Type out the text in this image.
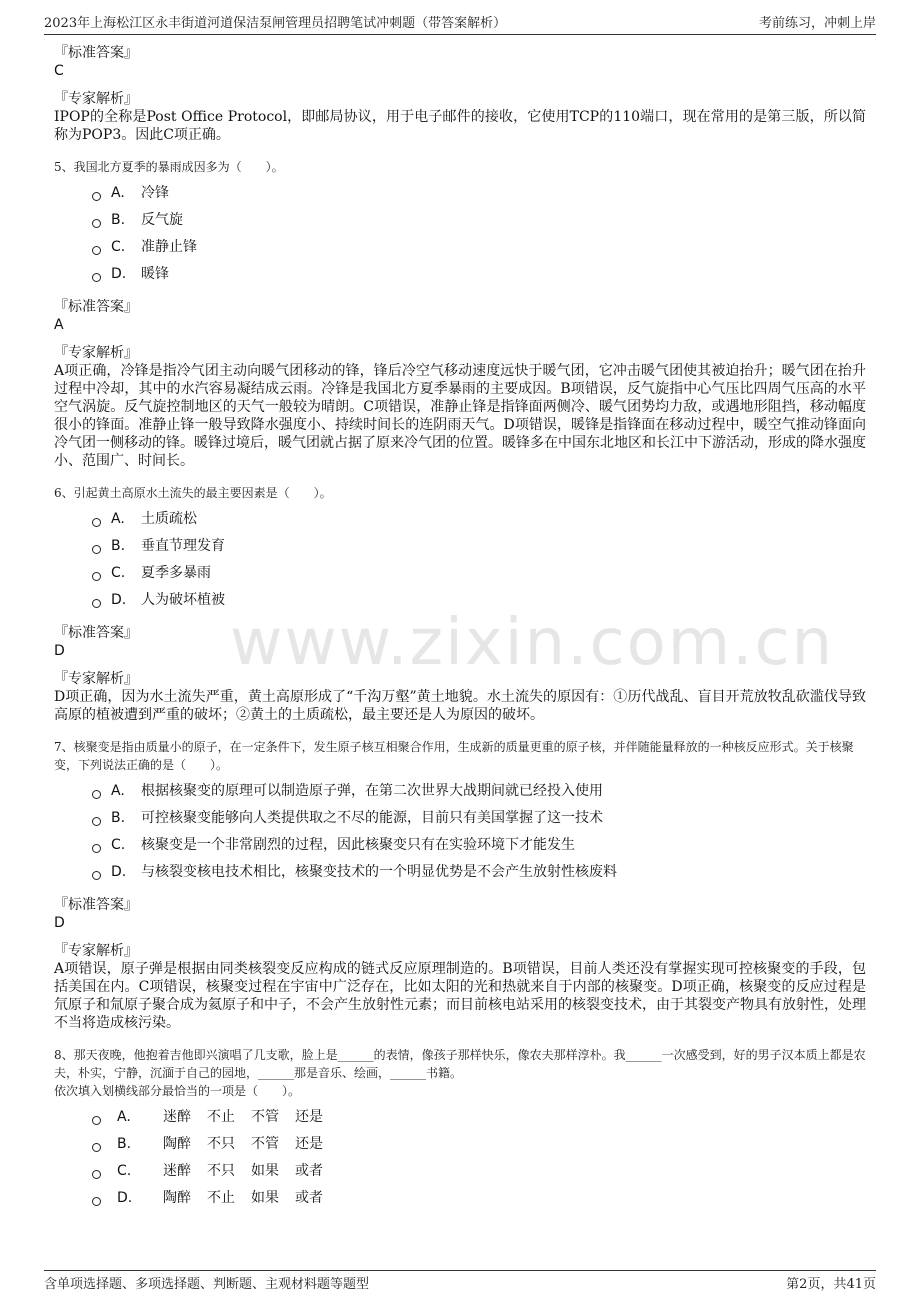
2023年上海松江区永丰街道河道保洁泵闸管理员招聘笔试冲刺题（带答案解析）	考前练习，冲刺上岸
www.zixin.com.cn
『标准答案』
C
『专家解析』
IPOP的全称是Post Office Protocol，即邮局协议，用于电子邮件的接收，它使用TCP的110端口，现在常用的是第三版，所以简称为POP3。因此C项正确。
5、我国北方夏季的暴雨成因多为（　　）。
A.	冷锋
B.	反气旋
C.	准静止锋
D.	暖锋
『标准答案』
A
『专家解析』
A项正确，冷锋是指冷气团主动向暖气团移动的锋，锋后冷空气移动速度远快于暖气团，它冲击暖气团使其被迫抬升；暖气团在抬升过程中冷却，其中的水汽容易凝结成云雨。冷锋是我国北方夏季暴雨的主要成因。B项错误，反气旋指中心气压比四周气压高的水平空气涡旋。反气旋控制地区的天气一般较为晴朗。C项错误，准静止锋是指锋面两侧冷、暖气团势均力敌，或遇地形阻挡，移动幅度很小的锋面。准静止锋一般导致降水强度小、持续时间长的连阴雨天气。D项错误，暖锋是指锋面在移动过程中，暖空气推动锋面向冷气团一侧移动的锋。暖锋过境后，暖气团就占据了原来冷气团的位置。暖锋多在中国东北地区和长江中下游活动，形成的降水强度小、范围广、时间长。
6、引起黄土高原水土流失的最主要因素是（　　）。
A.	土质疏松
B.	垂直节理发育
C.	夏季多暴雨
D.	人为破坏植被
『标准答案』
D
『专家解析』
D项正确，因为水土流失严重，黄土高原形成了“千沟万壑”黄土地貌。水土流失的原因有：①历代战乱、盲目开荒放牧乱砍滥伐导致高原的植被遭到严重的破坏；②黄土的土质疏松，最主要还是人为原因的破坏。
7、核聚变是指由质量小的原子，在一定条件下，发生原子核互相聚合作用，生成新的质量更重的原子核，并伴随能量释放的一种核反应形式。关于核聚变，下列说法正确的是（　　）。
A.	根据核聚变的原理可以制造原子弹，在第二次世界大战期间就已经投入使用
B.	可控核聚变能够向人类提供取之不尽的能源，目前只有美国掌握了这一技术
C.	核聚变是一个非常剧烈的过程，因此核聚变只有在实验环境下才能发生
D.	与核裂变核电技术相比，核聚变技术的一个明显优势是不会产生放射性核废料
『标准答案』
D
『专家解析』
A项错误，原子弹是根据由同类核裂变反应构成的链式反应原理制造的。B项错误，目前人类还没有掌握实现可控核聚变的手段，包括美国在内。C项错误，核聚变过程在宇宙中广泛存在，比如太阳的光和热就来自于内部的核聚变。D项正确，核聚变的反应过程是氘原子和氚原子聚合成为氦原子和中子，不会产生放射性元素；而目前核电站采用的核裂变技术，由于其裂变产物具有放射性，处理不当将造成核污染。
8、那天夜晚，他抱着吉他即兴演唱了几支歌，脸上是______的表情，像孩子那样快乐，像农夫那样淳朴。我______一次感受到，好的男子汉本质上都是农夫，朴实，宁静，沉湎于自己的园地，______那是音乐、绘画，______书籍。
依次填入划横线部分最恰当的一项是（　　）。
A.	迷醉 不止 不管 还是
B.	陶醉 不只 不管 还是
C.	迷醉 不只 如果 或者
D.	陶醉 不止 如果 或者
含单项选择题、多项选择题、判断题、主观材料题等题型	第2页，共41页
